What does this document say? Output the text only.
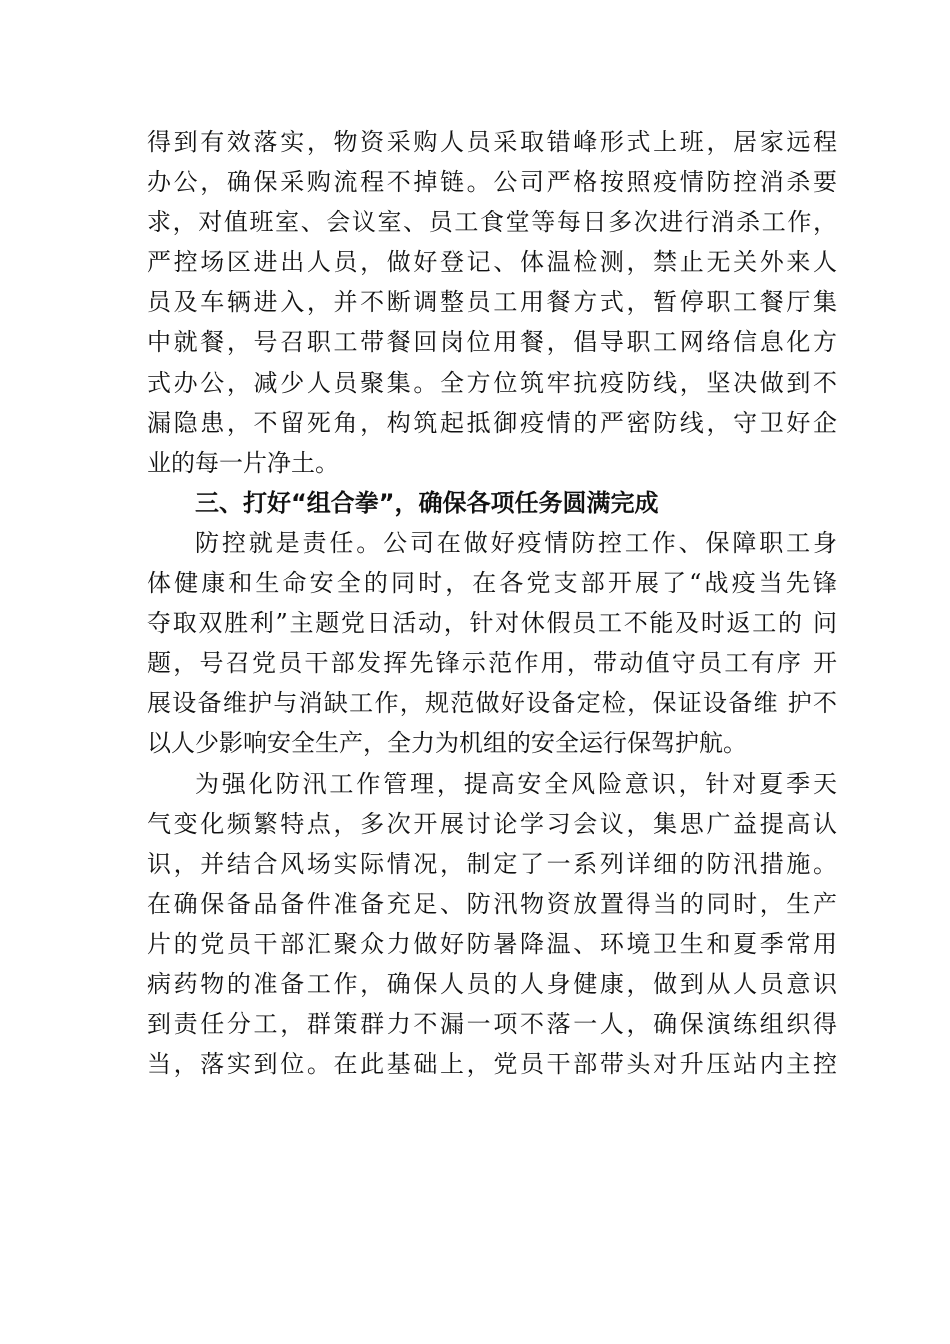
得到有效落实，物资采购人员采取错峰形式上班，居家远程
办公，确保采购流程不掉链。公司严格按照疫情防控消杀要
求，对值班室、会议室、员工食堂等每日多次进行消杀工作，
严控场区进出人员，做好登记、体温检测，禁止无关外来人
员及车辆进入，并不断调整员工用餐方式，暂停职工餐厅集
中就餐，号召职工带餐回岗位用餐，倡导职工网络信息化方
式办公，减少人员聚集。全方位筑牢抗疫防线，坚决做到不
漏隐患，不留死角，构筑起抵御疫情的严密防线，守卫好企
业的每一片净土。
三、打好“组合拳”，确保各项任务圆满完成
防控就是责任。公司在做好疫情防控工作、保障职工身
体健康和生命安全的同时，在各党支部开展了“战疫当先锋
夺取双胜利”主题党日活动，针对休假员工不能及时返工的 问
题，号召党员干部发挥先锋示范作用，带动值守员工有序 开
展设备维护与消缺工作，规范做好设备定检，保证设备维 护不
以人少影响安全生产，全力为机组的安全运行保驾护航。
为强化防汛工作管理，提高安全风险意识，针对夏季天
气变化频繁特点，多次开展讨论学习会议，集思广益提高认
识，并结合风场实际情况，制定了一系列详细的防汛措施。
在确保备品备件准备充足、防汛物资放置得当的同时，生产
片的党员干部汇聚众力做好防暑降温、环境卫生和夏季常用
病药物的准备工作，确保人员的人身健康，做到从人员意识
到责任分工，群策群力不漏一项不落一人，确保演练组织得
当，落实到位。在此基础上，党员干部带头对升压站内主控
